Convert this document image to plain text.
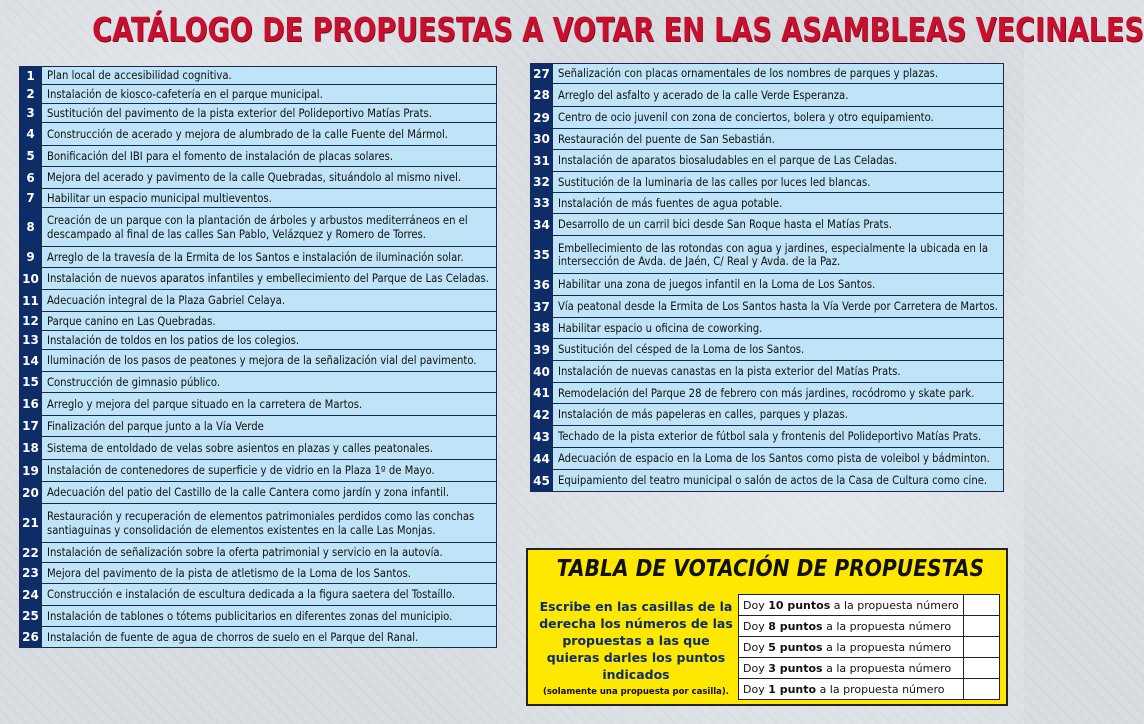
CATÁLOGO DE PROPUESTAS A VOTAR EN LAS ASAMBLEAS VECINALES
1	Plan local de accesibilidad cognitiva.
2	Instalación de kiosco-cafetería en el parque municipal.
3	Sustitución del pavimento de la pista exterior del Polideportivo Matías Prats.
4	Construcción de acerado y mejora de alumbrado de la calle Fuente del Mármol.
5	Bonificación del IBI para el fomento de instalación de placas solares.
6	Mejora del acerado y pavimento de la calle Quebradas, situándolo al mismo nivel.
7	Habilitar un espacio municipal multieventos.
8	Creación de un parque con la plantación de árboles y arbustos mediterráneos en el descampado al final de las calles San Pablo, Velázquez y Romero de Torres.
9	Arreglo de la travesía de la Ermita de los Santos e instalación de iluminación solar.
10 Instalación de nuevos aparatos infantiles y embellecimiento del Parque de Las Celadas.
11 Adecuación integral de la Plaza Gabriel Celaya.
12 Parque canino en Las Quebradas.
13 Instalación de toldos en los patios de los colegios.
14 Iluminación de los pasos de peatones y mejora de la señalización vial del pavimento.
15 Construcción de gimnasio público.
16 Arreglo y mejora del parque situado en la carretera de Martos.
17 Finalización del parque junto a la Vía Verde
18 Sistema de entoldado de velas sobre asientos en plazas y calles peatonales.
19 Instalación de contenedores de superficie y de vidrio en la Plaza 1º de Mayo.
20 Adecuación del patio del Castillo de la calle Cantera como jardín y zona infantil.
21 Restauración y recuperación de elementos patrimoniales perdidos como las conchas santiaguinas y consolidación de elementos existentes en la calle Las Monjas.
22 Instalación de señalización sobre la oferta patrimonial y servicio en la autovía.
23 Mejora del pavimento de la pista de atletismo de la Loma de los Santos.
24 Construcción e instalación de escultura dedicada a la figura saetera del Tostaíllo.
25 Instalación de tablones o tótems publicitarios en diferentes zonas del municipio.
26 Instalación de fuente de agua de chorros de suelo en el Parque del Ranal.
27 Señalización con placas ornamentales de los nombres de parques y plazas.
28 Arreglo del asfalto y acerado de la calle Verde Esperanza.
29 Centro de ocio juvenil con zona de conciertos, bolera y otro equipamiento.
30 Restauración del puente de San Sebastián.
31 Instalación de aparatos biosaludables en el parque de Las Celadas.
32 Sustitución de la luminaria de las calles por luces led blancas.
33 Instalación de más fuentes de agua potable.
34 Desarrollo de un carril bici desde San Roque hasta el Matías Prats.
35 Embellecimiento de las rotondas con agua y jardines, especialmente la ubicada en la intersección de Avda. de Jaén, C/ Real y Avda. de la Paz.
36 Habilitar una zona de juegos infantil en la Loma de Los Santos.
37 Vía peatonal desde la Ermita de Los Santos hasta la Vía Verde por Carretera de Martos.
38 Habilitar espacio u oficina de coworking.
39 Sustitución del césped de la Loma de los Santos.
40 Instalación de nuevas canastas en la pista exterior del Matías Prats.
41 Remodelación del Parque 28 de febrero con más jardines, rocódromo y skate park.
42 Instalación de más papeleras en calles, parques y plazas.
43 Techado de la pista exterior de fútbol sala y frontenis del Polideportivo Matías Prats.
44 Adecuación de espacio en la Loma de los Santos como pista de voleibol y bádminton.
45 Equipamiento del teatro municipal o salón de actos de la Casa de Cultura como cine.
TABLA DE VOTACIÓN DE PROPUESTAS
Escribe en las casillas de la derecha los números de las propuestas a las que quieras darles los puntos indicados
(solamente una propuesta por casilla).
Doy 10 puntos a la propuesta número	
Doy 8 puntos a la propuesta número	
Doy 5 puntos a la propuesta número	
Doy 3 puntos a la propuesta número	
Doy 1 punto a la propuesta número	
